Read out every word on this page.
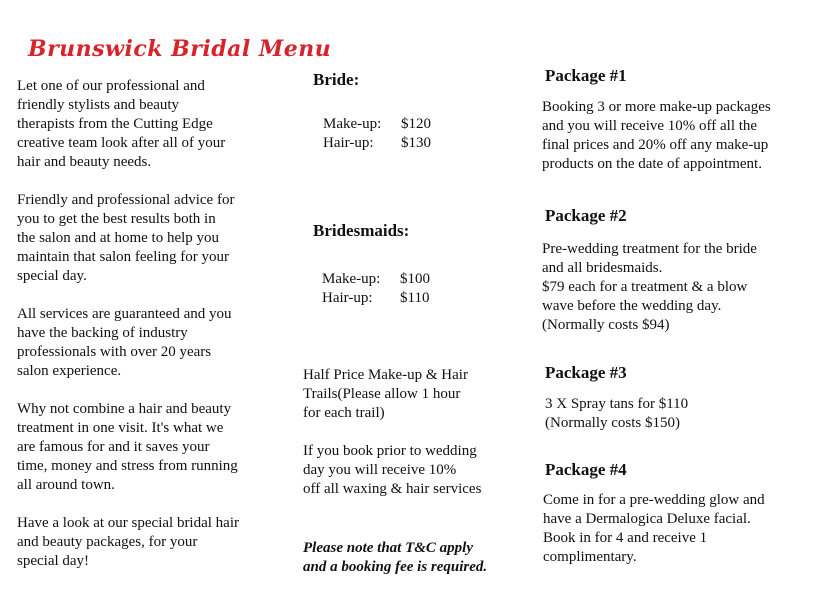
Brunswick Bridal Menu
Let one of our professional and
friendly stylists and beauty
therapists from the Cutting Edge
creative team look after all of your
hair and beauty needs.
Friendly and professional advice for
you to get the best results both in
the salon and at home to help you
maintain that salon feeling for your
special day.
All services are guaranteed and you
have the backing of industry
professionals with over 20 years
salon experience.
Why not combine a hair and beauty
treatment in one visit. It's what we
are famous for and it saves your
time, money and stress from running
all around town.
Have a look at our special bridal hair
and beauty packages, for your
special day!
Bride:
Make-up: $120
Hair-up: $130
Bridesmaids:
Make-up: $100
Hair-up: $110
Half Price Make-up & Hair
Trails(Please allow 1 hour
for each trail)
If you book prior to wedding
day you will receive 10%
off all waxing & hair services
Please note that T&C apply
and a booking fee is required.
Package #1
Booking 3 or more make-up packages
and you will receive 10% off all the
final prices and 20% off any make-up
products on the date of appointment.
Package #2
Pre-wedding treatment for the bride
and all bridesmaids.
$79 each for a treatment & a blow
wave before the wedding day.
(Normally costs $94)
Package #3
3 X Spray tans for $110
(Normally costs $150)
Package #4
Come in for a pre-wedding glow and
have a Dermalogica Deluxe facial.
Book in for 4 and receive 1
complimentary.
